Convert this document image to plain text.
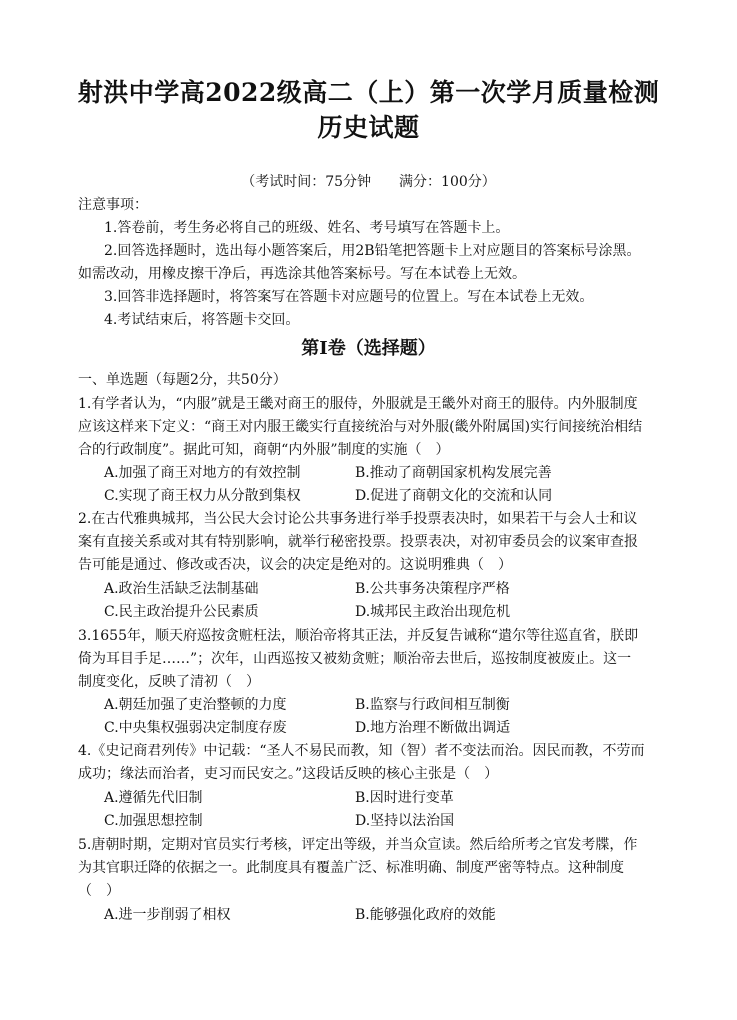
射洪中学高2022级高二（上）第一次学月质量检测
历史试题
（考试时间：75分钟　　满分：100分）
注意事项：
1.答卷前，考生务必将自己的班级、姓名、考号填写在答题卡上。
2.回答选择题时，选出每小题答案后，用2B铅笔把答题卡上对应题目的答案标号涂黑。
如需改动，用橡皮擦干净后，再选涂其他答案标号。写在本试卷上无效。
3.回答非选择题时，将答案写在答题卡对应题号的位置上。写在本试卷上无效。
4.考试结束后，将答题卡交回。
第I卷（选择题）
一、单选题（每题2分，共50分）
1.有学者认为，“内服”就是王畿对商王的服侍，外服就是王畿外对商王的服侍。内外服制度
应该这样来下定义：“商王对内服王畿实行直接统治与对外服(畿外附属国)实行间接统治相结
合的行政制度”。据此可知，商朝“内外服”制度的实施（　）
A.加强了商王对地方的有效控制	B.推动了商朝国家机构发展完善
C.实现了商王权力从分散到集权	D.促进了商朝文化的交流和认同
2.在古代雅典城邦，当公民大会讨论公共事务进行举手投票表决时，如果若干与会人士和议
案有直接关系或对其有特别影响，就举行秘密投票。投票表决，对初审委员会的议案审查报
告可能是通过、修改或否决，议会的决定是绝对的。这说明雅典（　）
A.政治生活缺乏法制基础	B.公共事务决策程序严格
C.民主政治提升公民素质	D.城邦民主政治出现危机
3.1655年，顺天府巡按贪赃枉法，顺治帝将其正法，并反复告诫称“遣尔等往巡直省，朕即
倚为耳目手足……”；次年，山西巡按又被劾贪赃；顺治帝去世后，巡按制度被废止。这一
制度变化，反映了清初（　）
A.朝廷加强了吏治整顿的力度	B.监察与行政间相互制衡
C.中央集权强弱决定制度存废	D.地方治理不断做出调适
4.《史记商君列传》中记载：“圣人不易民而教，知（智）者不变法而治。因民而教，不劳而
成功；缘法而治者，吏习而民安之。”这段话反映的核心主张是（　）
A.遵循先代旧制	B.因时进行变革
C.加强思想控制	D.坚持以法治国
5.唐朝时期，定期对官员实行考核，评定出等级，并当众宣读。然后给所考之官发考牒，作
为其官职迁降的依据之一。此制度具有覆盖广泛、标准明确、制度严密等特点。这种制度
（　）
A.进一步削弱了相权	B.能够强化政府的效能
